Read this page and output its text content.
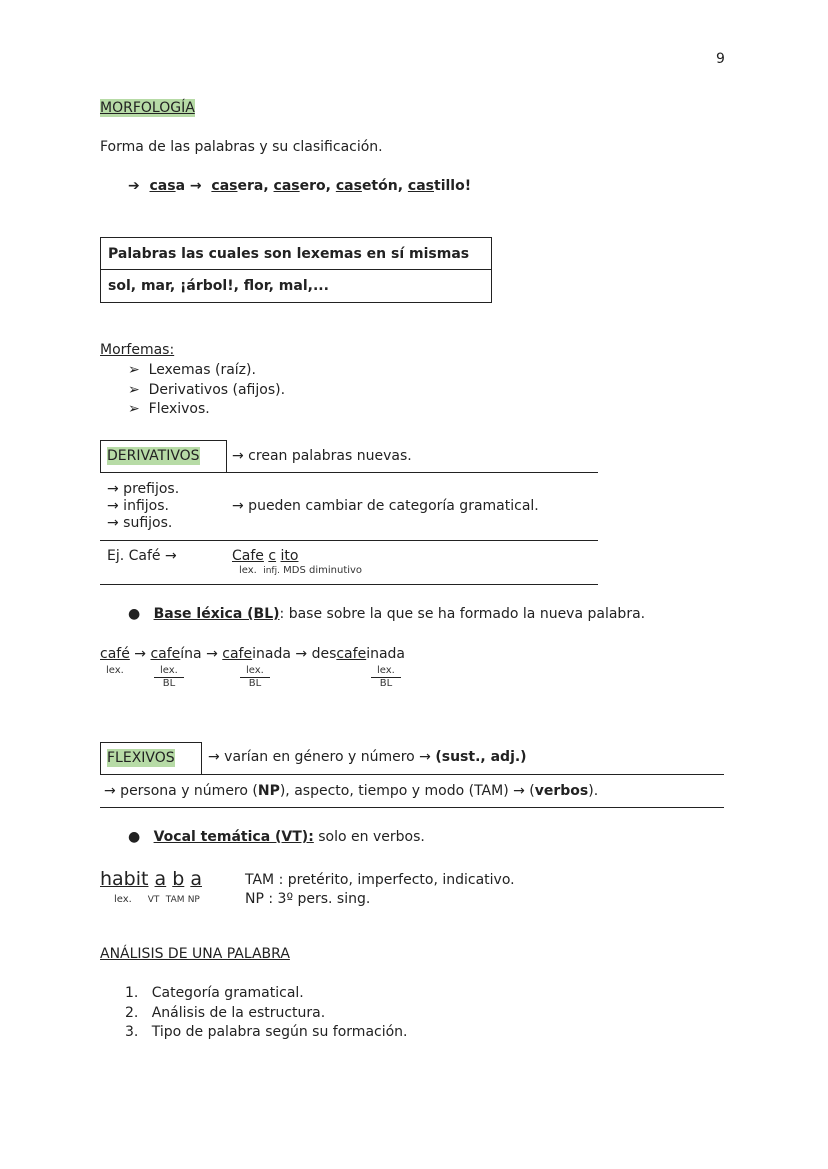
9
MORFOLOGÍA
Forma de las palabras y su clasificación.
➔ casa → casera, casero, casetón, castillo!
Palabras las cuales son lexemas en sí mismas
sol, mar, ¡árbol!, flor, mal,...
Morfemas:
➢ Lexemas (raíz).
➢ Derivativos (afijos).
➢ Flexivos.
DERIVATIVOS → crean palabras nuevas.
→ prefijos.
→ infijos.
→ sufijos.
→ pueden cambiar de categoría gramatical.
Ej. Café →	Cafe c ito
lex. infj. MDS diminutivo
●   Base léxica (BL): base sobre la que se ha formado la nueva palabra.
café → cafeína → cafeinada → descafeinada
lex.	lex.
BL
lex.
BL
lex.
BL
FLEXIVOS → varían en género y número → (sust., adj.)
→ persona y número (NP), aspecto, tiempo y modo (TAM) → (verbos).
●   Vocal temática (VT): solo en verbos.
habit a b a
lex. VT TAM NP
TAM : pretérito, imperfecto, indicativo.
NP : 3º pers. sing.
ANÁLISIS DE UNA PALABRA
1.   Categoría gramatical.
2.   Análisis de la estructura.
3.   Tipo de palabra según su formación.
